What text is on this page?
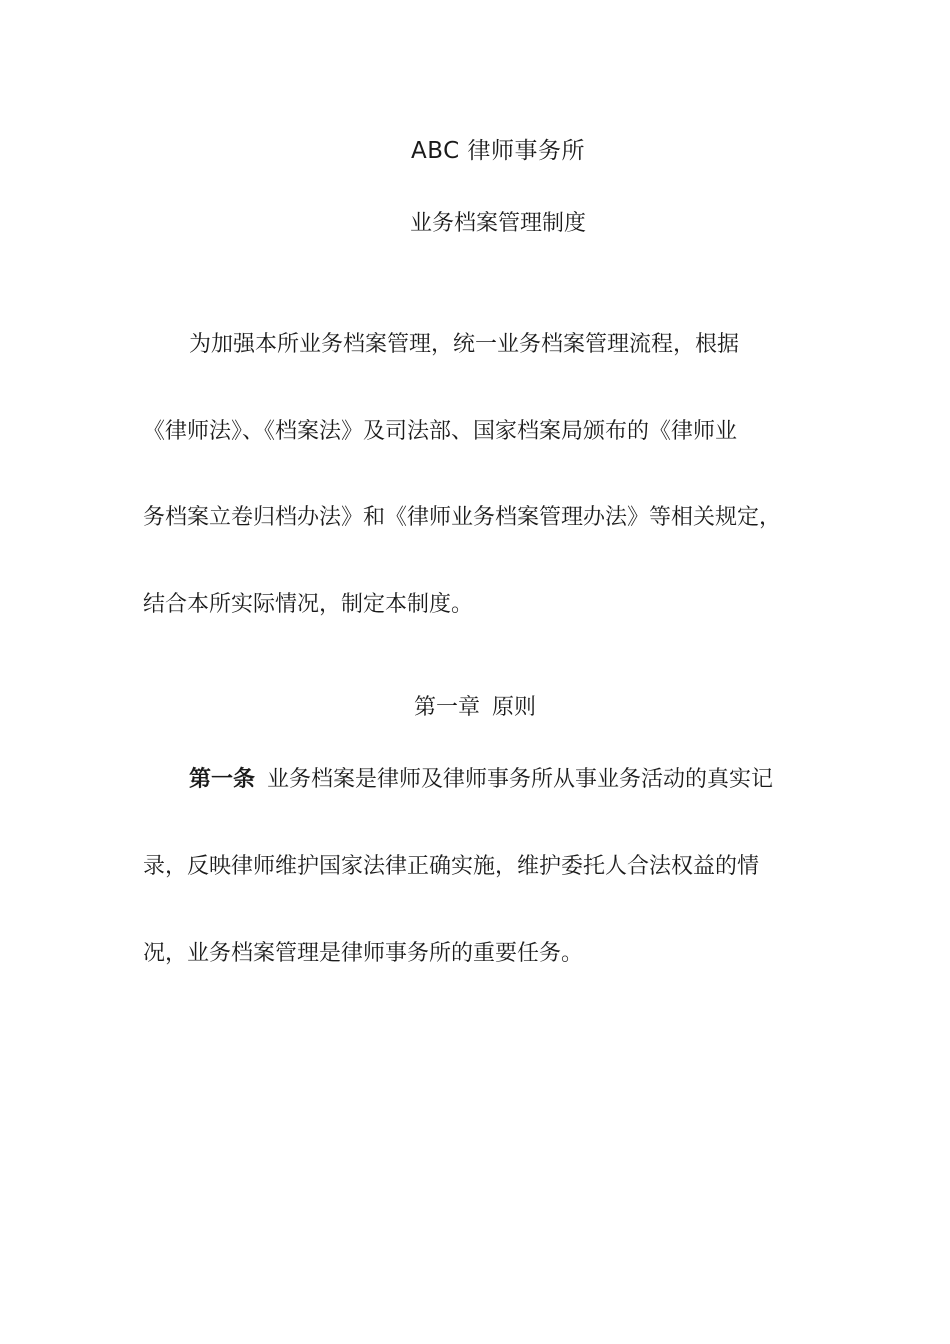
ABC 律师事务所
业务档案管理制度
为加强本所业务档案管理，统一业务档案管理流程，根据
《律师法》、《档案法》及司法部、国家档案局颁布的《律师业
务档案立卷归档办法》和《律师业务档案管理办法》等相关规定，
结合本所实际情况，制定本制度。
第一章 原则
第一条 业务档案是律师及律师事务所从事业务活动的真实记
录，反映律师维护国家法律正确实施，维护委托人合法权益的情
况，业务档案管理是律师事务所的重要任务。
